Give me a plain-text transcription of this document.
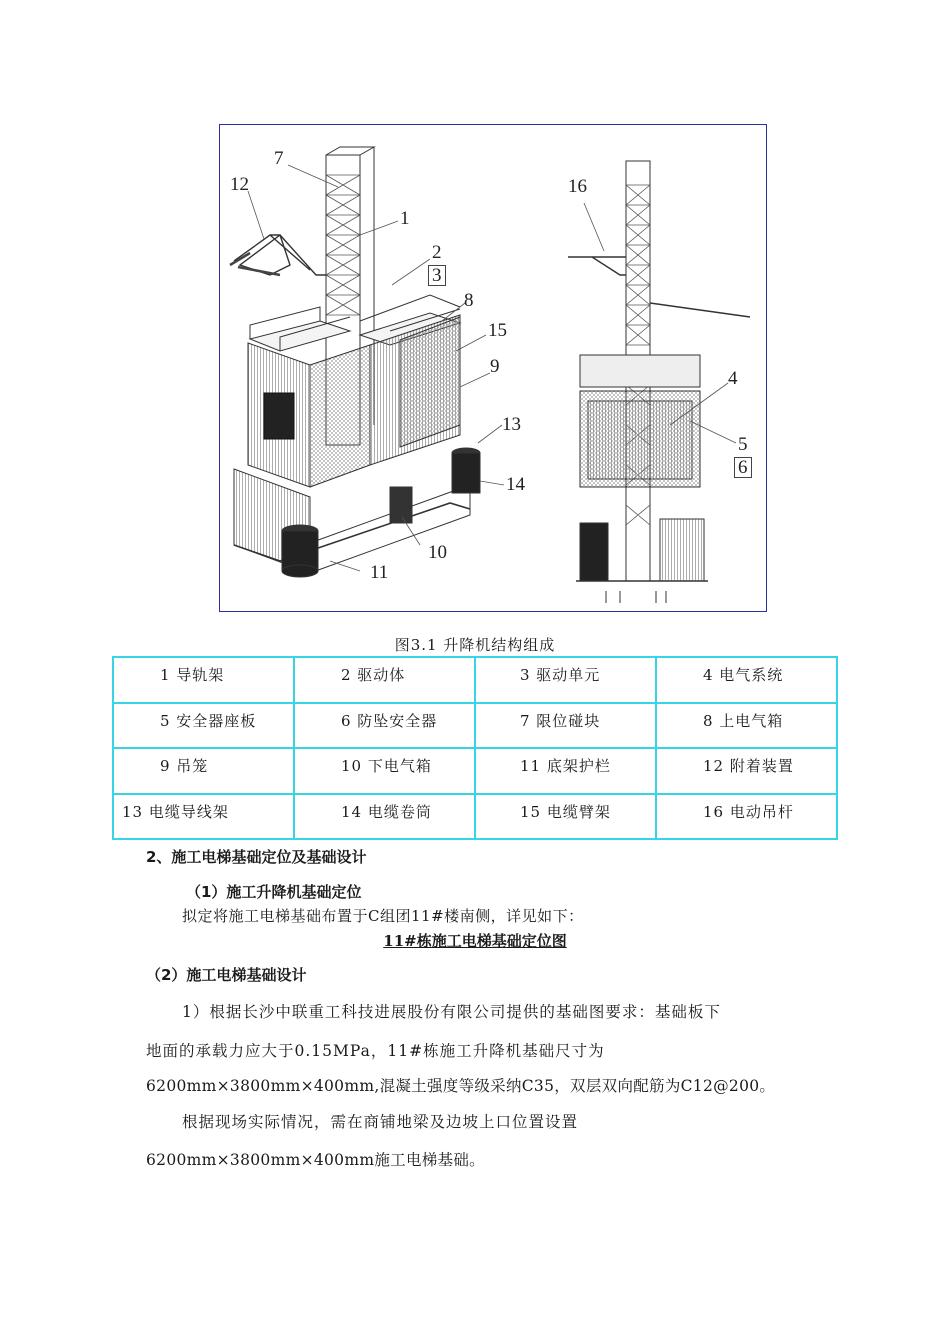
7
12
1
2
3
8
15
9
13
14
10
11
16
4
5
6
图3.1 升降机结构组成
1 导轨架	2 驱动体	3 驱动单元	4 电气系统
5 安全器座板	6 防坠安全器	7 限位碰块	8 上电气箱
9 吊笼	10 下电气箱	11 底架护栏	12 附着装置
13 电缆导线架	14 电缆卷筒	15 电缆臂架	16 电动吊杆
2、施工电梯基础定位及基础设计
（1）施工升降机基础定位
拟定将施工电梯基础布置于C组团11#楼南侧，详见如下：
11#栋施工电梯基础定位图
（2）施工电梯基础设计
1）根据长沙中联重工科技进展股份有限公司提供的基础图要求：基础板下
地面的承载力应大于0.15MPa，11#栋施工升降机基础尺寸为
6200mm×3800mm×400mm,混凝土强度等级采纳C35，双层双向配筋为C12@200。
根据现场实际情况，需在商铺地梁及边坡上口位置设置
6200mm×3800mm×400mm施工电梯基础。
